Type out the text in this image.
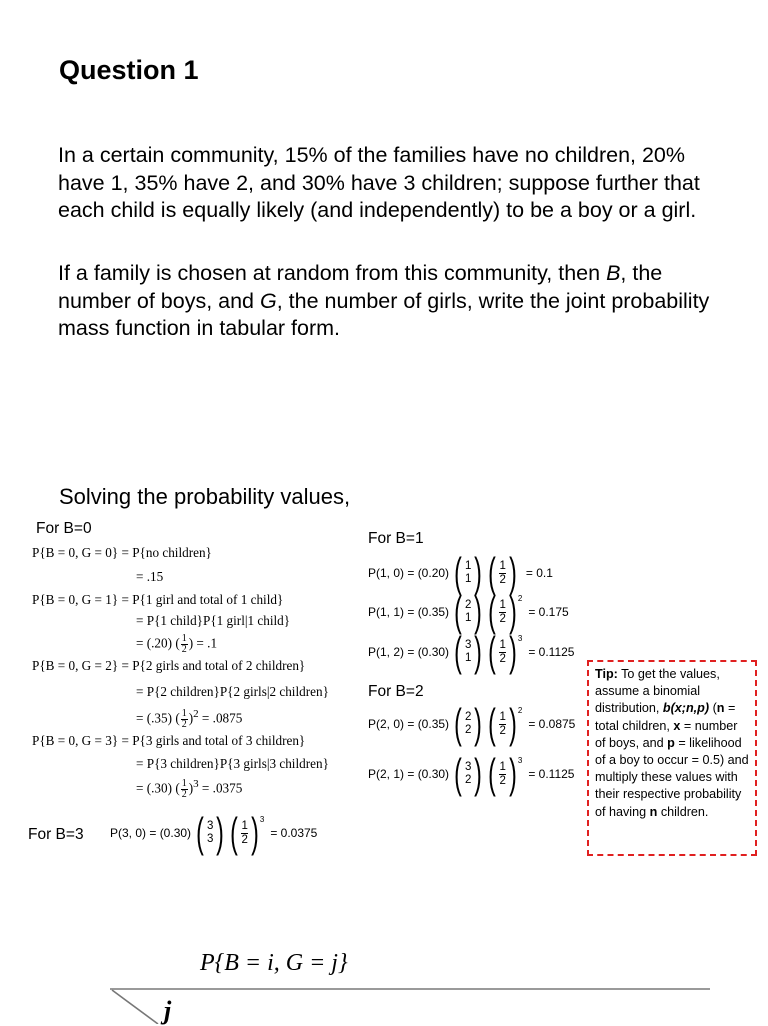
Question 1
In a certain community, 15% of the families have no children, 20% have 1, 35% have 2, and 30% have 3 children; suppose further that each child is equally likely (and independently) to be a boy or a girl.
If a family is chosen at random from this community, then B, the number of boys, and G, the number of girls, write the joint probability mass function in tabular form.
Solving the probability values,
For B=0
P{B = 0, G = 0} = P{no children}
= .15
P{B = 0, G = 1} = P{1 girl and total of 1 child}
= P{1 child}P{1 girl|1 child}
= (.20) ( $\frac{1}{2}$ ) = .1
P{B = 0, G = 2} = P{2 girls and total of 2 children}
= P{2 children}P{2 girls|2 children}
= (.35) ( $\frac{1}{2} )^2 = .0875$
P{B = 0, G = 3} = P{3 girls and total of 3 children}
= P{3 children}P{3 girls|3 children}
= (.30) ( $\frac{1}{2} )^3 = .0375$
For B=1
P(1, 0) = (0.20) ( 1
1 ) ( $\frac{1}{2}$ ) = 0.1
P(1, 1) = (0.35) ( 2
1 ) ( $\frac{1}{2}$ ) 2
= 0.175
P(1, 2) = (0.30) ( 3
1 ) ( $\frac{1}{2}$ ) 3
= 0.1125
For B=2
P(2, 0) = (0.35) ( 2
2 ) ( $\frac{1}{2}$ ) 2
= 0.0875
P(2, 1) = (0.30) ( 3
2 ) ( $\frac{1}{2}$ ) 3
= 0.1125
For B=3 P(3, 0) = (0.30) ( 3
3 ) ( $\frac{1}{2}$ ) 3
= 0.0375
Tip: To get the values, assume a binomial distribution, b(x;n,p) (n = total children, x = number of boys, and p = likelihood of a boy to occur = 0.5) and multiply these values with their respective probability of having n children.
P{B = i, G = j}
j
